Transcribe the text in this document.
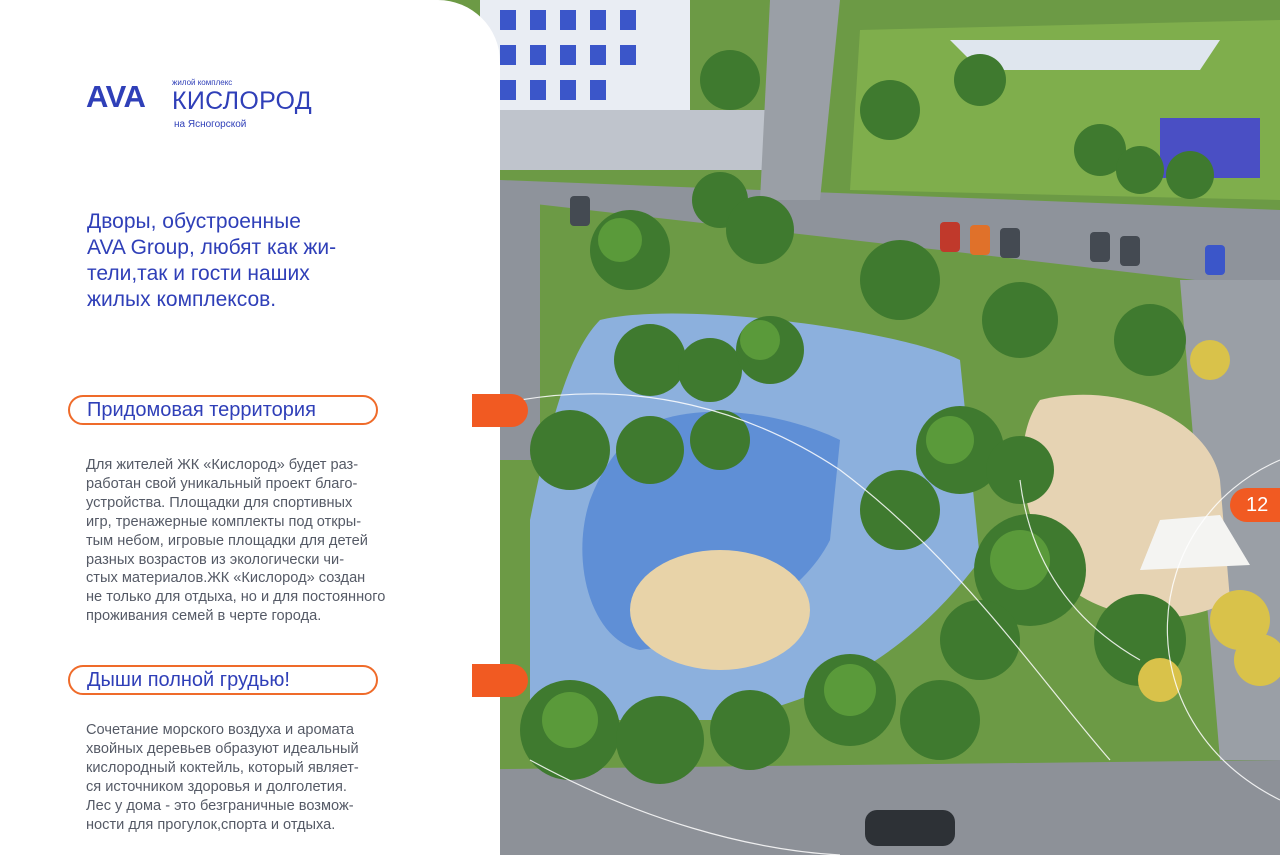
AVA	жилой комплекс
КИСЛОРОД
на Ясногорской

Дворы, обустроенные
AVA Group, любят как жи-
тели,так и гости наших
жилых комплексов.

Придомовая территория

Для жителей ЖК «Кислород» будет раз-
работан свой уникальный проект благо-
устройства. Площадки для спортивных
игр, тренажерные комплекты под откры-
тым небом, игровые площадки для детей
разных возрастов из экологически чи-
стых материалов.ЖК «Кислород» создан
не только для отдыха, но и для постоянного
проживания семей в черте города.

Дыши полной грудью!

Сочетание морского воздуха и аромата
хвойных деревьев образуют идеальный
кислородный коктейль, который являет-
ся источником здоровья и долголетия.
Лес у дома - это безграничные возмож-
ности для прогулок,спорта и отдыха.

12
